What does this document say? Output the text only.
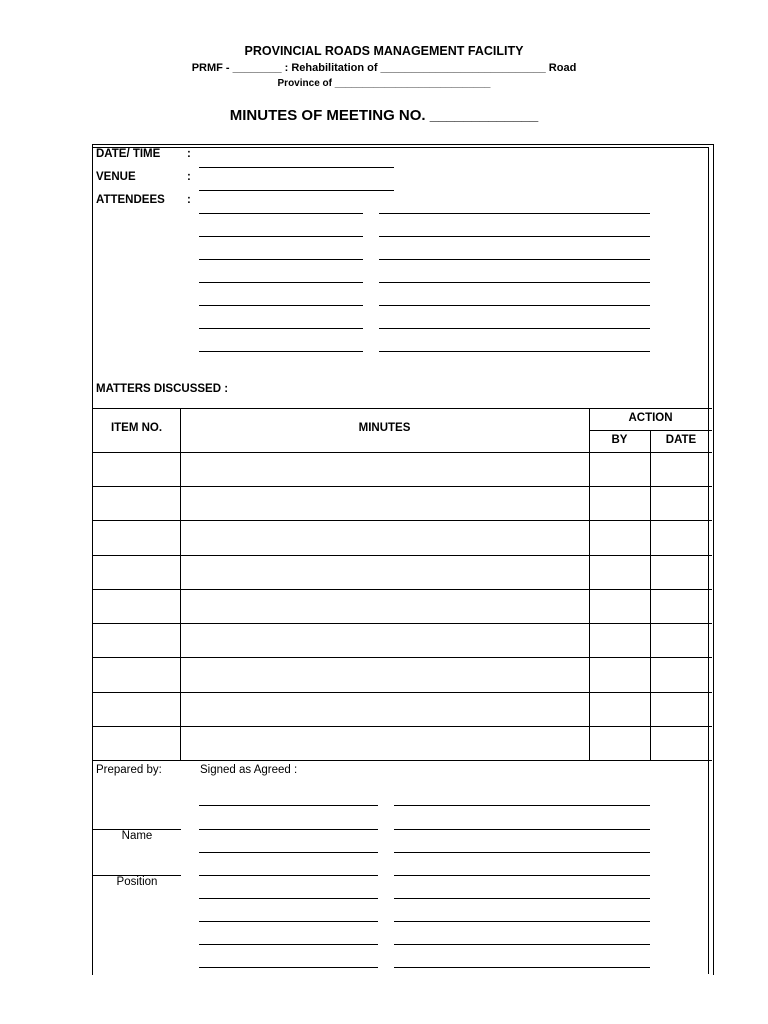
PROVINCIAL ROADS MANAGEMENT FACILITY
PRMF - ________ : Rehabilitation of ___________________________ Road
Province of ____________________________
MINUTES OF MEETING NO. _____________
DATE/ TIME :
VENUE	:
ATTENDEES :
MATTERS DISCUSSED :
ITEM NO.	MINUTES
ACTION
BY	DATE
Prepared by:	Signed as Agreed :
Name
Position
